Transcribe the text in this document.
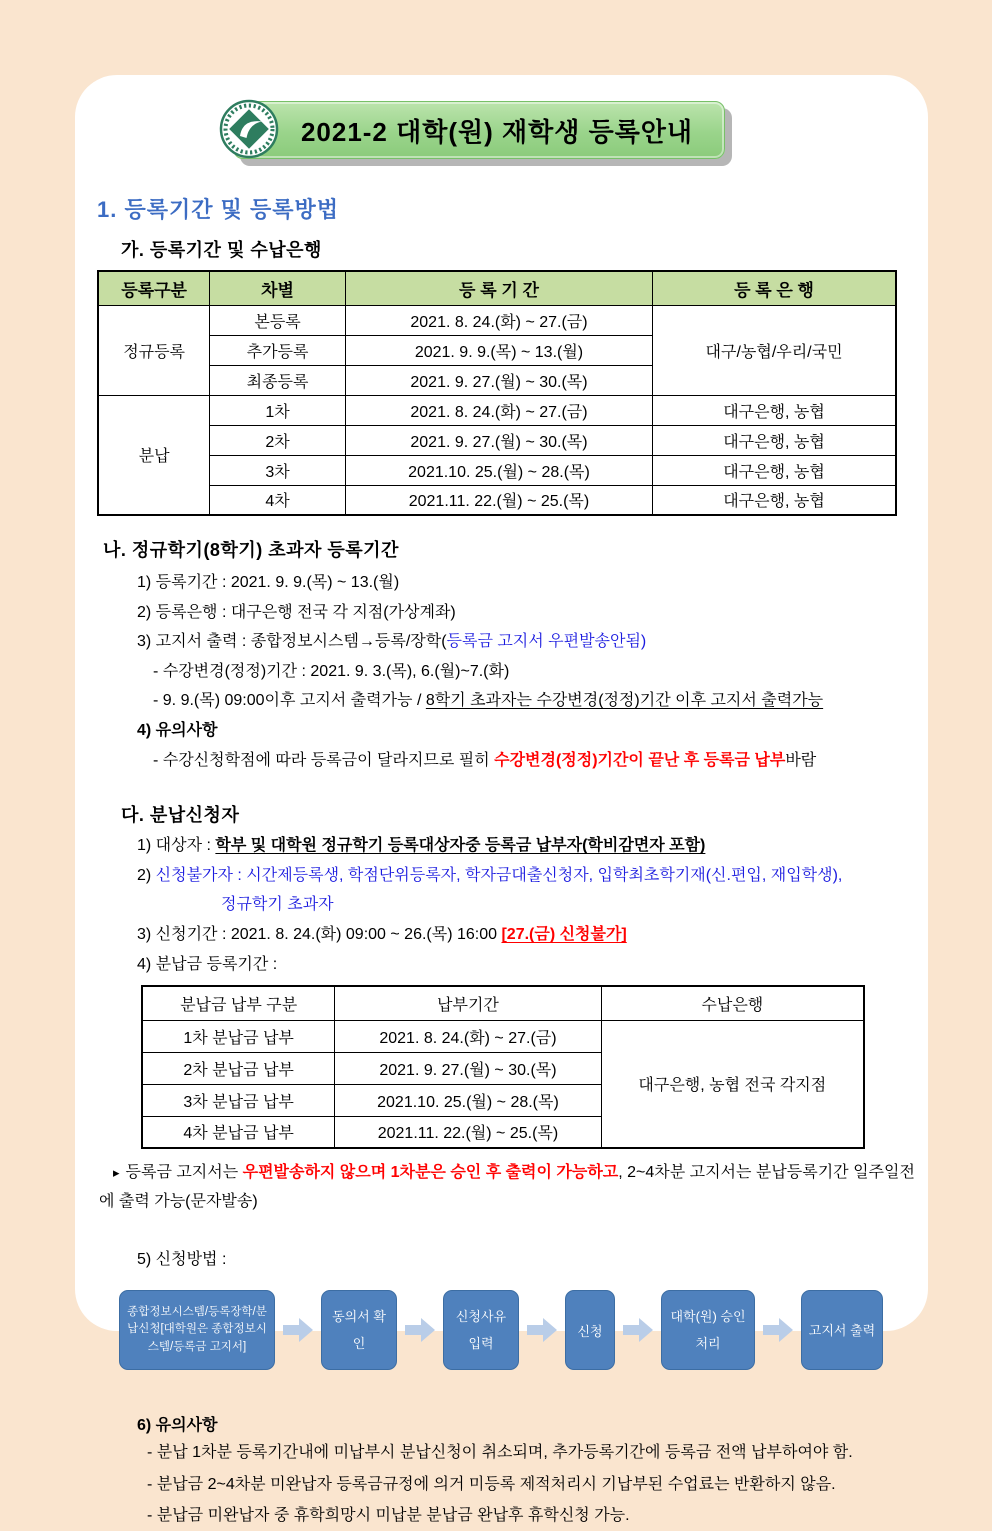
2021-2 대학(원) 재학생 등록안내
1. 등록기간 및 등록방법
가. 등록기간 및 수납은행
등록구분	차별	등 록 기 간	등 록 은 행
정규등록	본등록	2021. 8. 24.(화) ~ 27.(금)	대구/농협/우리/국민
	추가등록	2021. 9. 9.(목) ~ 13.(월)	
	최종등록	2021. 9. 27.(월) ~ 30.(목)	
분납	1차	2021. 8. 24.(화) ~ 27.(금)	대구은행, 농협
	2차	2021. 9. 27.(월) ~ 30.(목)	대구은행, 농협
	3차	2021.10. 25.(월) ~ 28.(목)	대구은행, 농협
	4차	2021.11. 22.(월) ~ 25.(목)	대구은행, 농협
나. 정규학기(8학기) 초과자 등록기간
1) 등록기간 : 2021. 9. 9.(목) ~ 13.(월)
2) 등록은행 : 대구은행 전국 각 지점(가상계좌)
3) 고지서 출력 : 종합정보시스템→등록/장학(등록금 고지서 우편발송안됨)
- 수강변경(정정)기간 : 2021. 9. 3.(목), 6.(월)~7.(화)
- 9. 9.(목) 09:00이후 고지서 출력가능 / 8학기 초과자는 수강변경(정정)기간 이후 고지서 출력가능
4) 유의사항
- 수강신청학점에 따라 등록금이 달라지므로 필히 수강변경(정정)기간이 끝난 후 등록금 납부바람
다. 분납신청자
1) 대상자 : 학부 및 대학원 정규학기 등록대상자중 등록금 납부자(학비감면자 포함)
2) 신청불가자 : 시간제등록생, 학점단위등록자, 학자금대출신청자, 입학최초학기재(신.편입, 재입학생),
정규학기 초과자
3) 신청기간 : 2021. 8. 24.(화) 09:00 ~ 26.(목) 16:00 [27.(금) 신청불가]
4) 분납금 등록기간 :
분납금 납부 구분	납부기간	수납은행
1차 분납금 납부	2021. 8. 24.(화) ~ 27.(금)	대구은행, 농협 전국 각지점
2차 분납금 납부	2021. 9. 27.(월) ~ 30.(목)	
3차 분납금 납부	2021.10. 25.(월) ~ 28.(목)	
4차 분납금 납부	2021.11. 22.(월) ~ 25.(목)	
▸ 등록금 고지서는 우편발송하지 않으며 1차분은 승인 후 출력이 가능하고, 2~4차분 고지서는 분납등록기간 일주일전에 출력 가능(문자발송)
5) 신청방법 :
종합정보시스템/등록장학/분납신청[대학원은 종합정보시스템/등록금 고지서]
동의서 확인
신청사유 입력
신청
대학(원) 승인처리
고지서 출력
6) 유의사항
- 분납 1차분 등록기간내에 미납부시 분납신청이 취소되며, 추가등록기간에 등록금 전액 납부하여야 함.
- 분납금 2~4차분 미완납자 등록금규정에 의거 미등록 제적처리시 기납부된 수업료는 반환하지 않음.
- 분납금 미완납자 중 휴학희망시 미납분 분납금 완납후 휴학신청 가능.
